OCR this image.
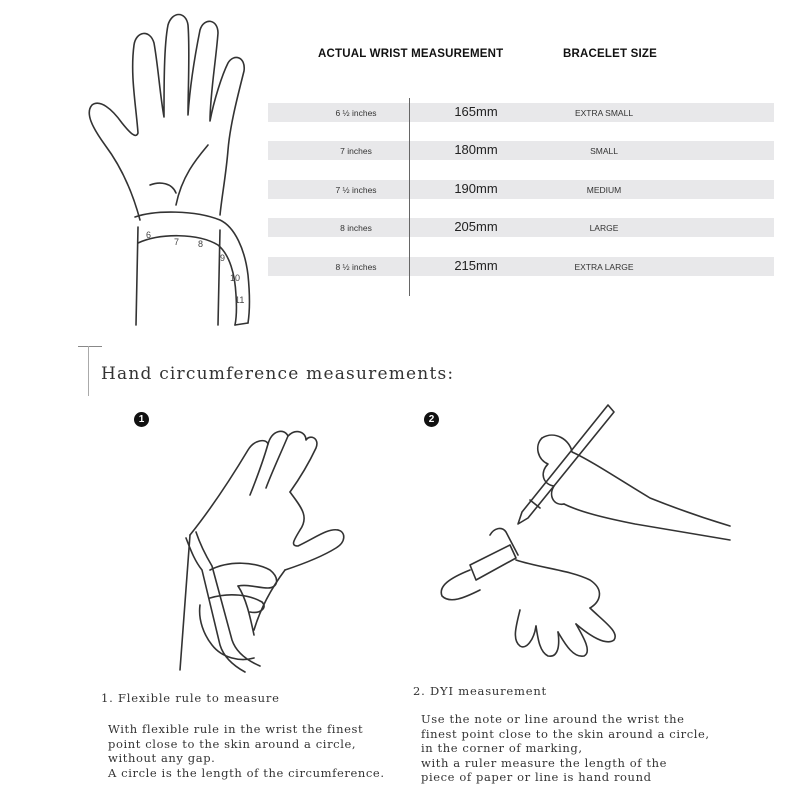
6
7 8
9
10
11
ACTUAL WRIST MEASUREMENT	BRACELET SIZE
6 ½ inches	165mm	EXTRA SMALL
7 inches	180mm	SMALL
7 ½ inches	190mm	MEDIUM
8 inches	205mm	LARGE
8 ½ inches	215mm	EXTRA LARGE
Hand circumference measurements:
1	2
1. Flexible rule to measure
With flexible rule in the wrist the finest
point close to the skin around a circle,
without any gap.
A circle is the length of the circumference.
2. DYI measurement
Use the note or line around the wrist the
finest point close to the skin around a circle,
in the corner of marking,
with a ruler measure the length of the
piece of paper or line is hand round
